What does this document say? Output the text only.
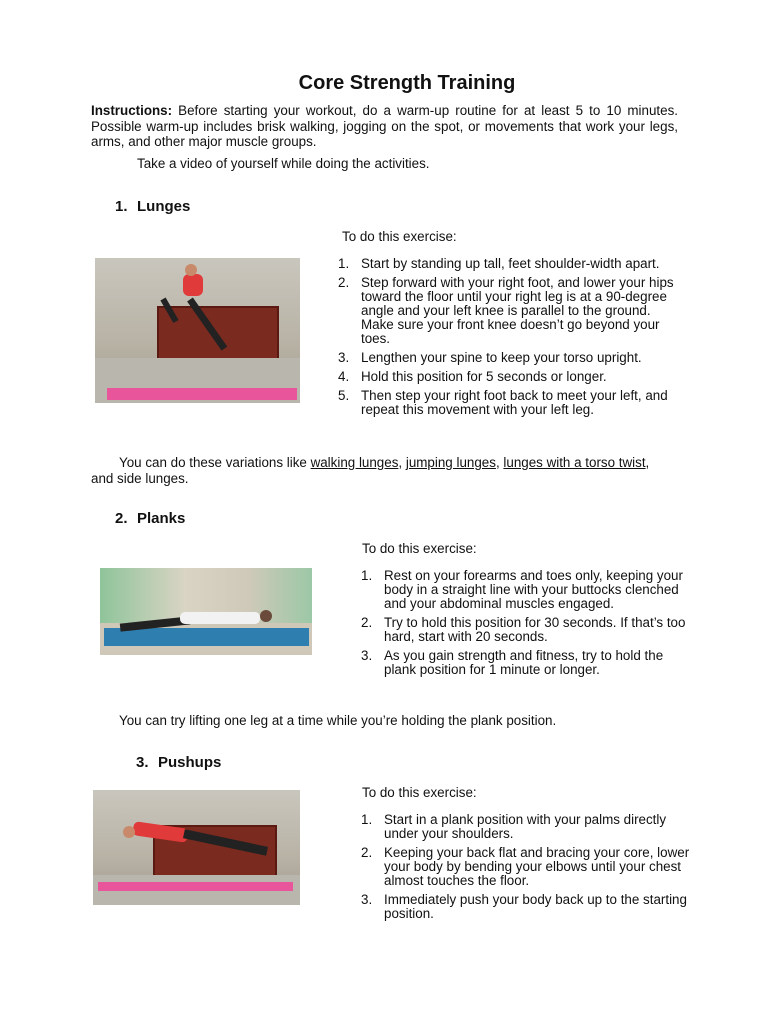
Core Strength Training
Instructions: Before starting your workout, do a warm-up routine for at least 5 to 10 minutes. Possible warm-up includes brisk walking, jogging on the spot, or movements that work your legs, arms, and other major muscle groups.
Take a video of yourself while doing the activities.
1. Lunges
To do this exercise:
1. Start by standing up tall, feet shoulder-width apart.
2. Step forward with your right foot, and lower your hips toward the floor until your right leg is at a 90-degree angle and your left knee is parallel to the ground. Make sure your front knee doesn’t go beyond your toes.
3. Lengthen your spine to keep your torso upright.
4. Hold this position for 5 seconds or longer.
5. Then step your right foot back to meet your left, and repeat this movement with your left leg.
You can do these variations like walking lunges, jumping lunges, lunges with a torso twist, and side lunges.
2. Planks
To do this exercise:
1. Rest on your forearms and toes only, keeping your body in a straight line with your buttocks clenched and your abdominal muscles engaged.
2. Try to hold this position for 30 seconds. If that’s too hard, start with 20 seconds.
3. As you gain strength and fitness, try to hold the plank position for 1 minute or longer.
You can try lifting one leg at a time while you’re holding the plank position.
3. Pushups
To do this exercise:
1. Start in a plank position with your palms directly under your shoulders.
2. Keeping your back flat and bracing your core, lower your body by bending your elbows until your chest almost touches the floor.
3. Immediately push your body back up to the starting position.
